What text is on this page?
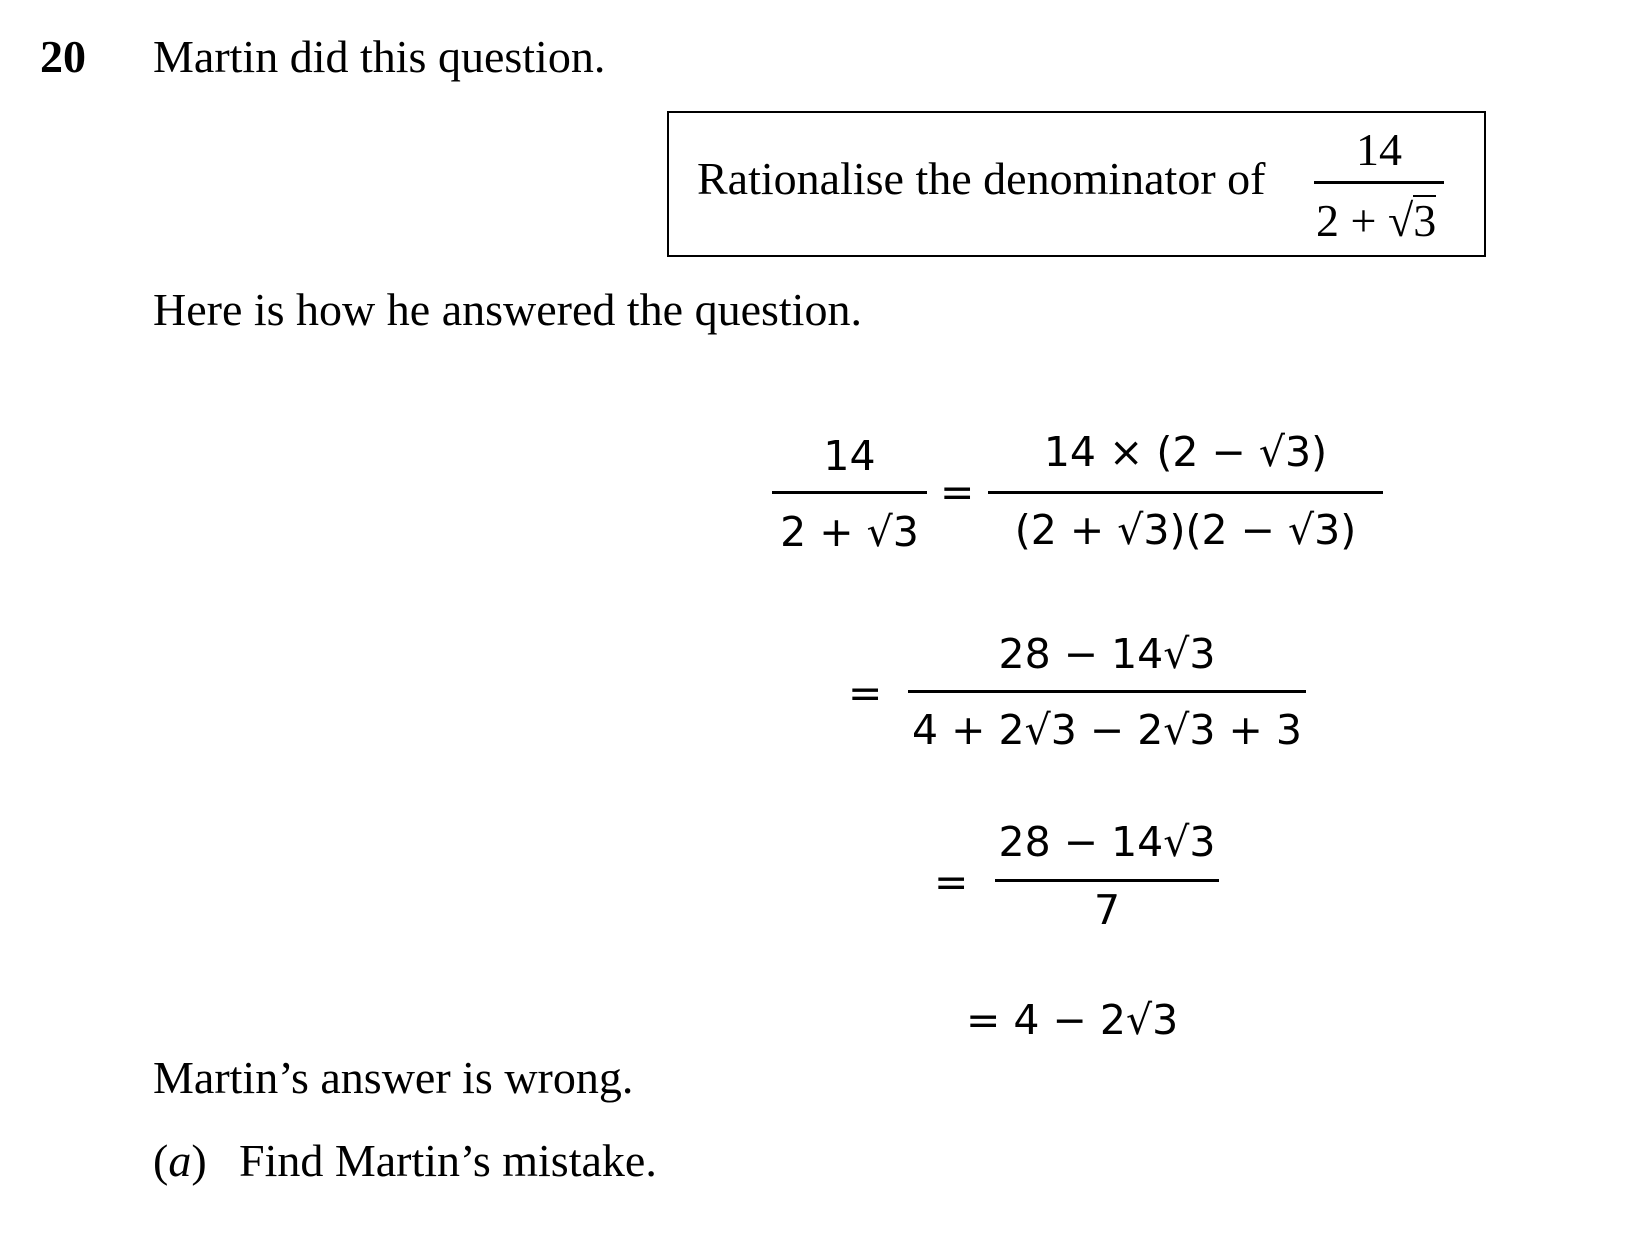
20 Martin did this question.
Rationalise the denominator of
14
2 + √3
Here is how he answered the question.
14
2 + √3
=
14 × (2 − √3)
(2 + √3)(2 − √3)
=
28 − 14√3
4 + 2√3 − 2√3 + 3
=
28 − 14√3
7
= 4 − 2√3
Martin’s answer is wrong.
(a) Find Martin’s mistake.
